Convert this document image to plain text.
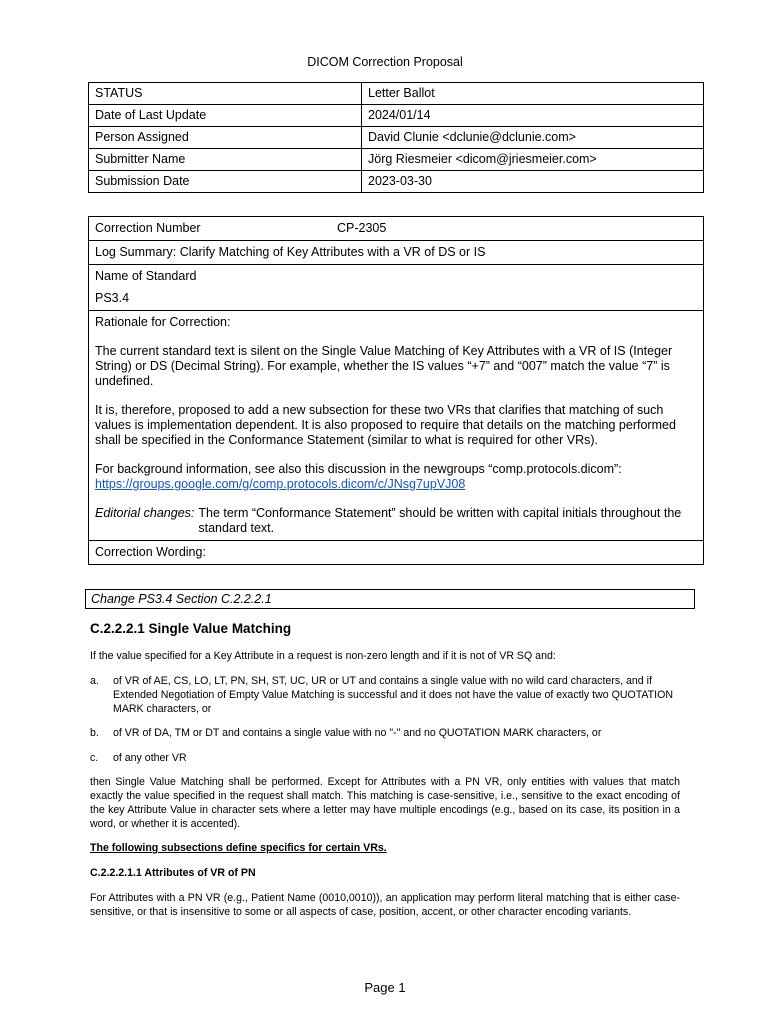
DICOM Correction Proposal
STATUS	Letter Ballot
Date of Last Update	2024/01/14
Person Assigned	David Clunie <dclunie@dclunie.com>
Submitter Name	Jörg Riesmeier <dicom@jriesmeier.com>
Submission Date	2023-03-30
Correction Number	CP-2305
Log Summary: Clarify Matching of Key Attributes with a VR of DS or IS

Name of Standard
PS3.4

Rationale for Correction:

The current standard text is silent on the Single Value Matching of Key Attributes with a VR of IS (Integer String) or DS (Decimal String). For example, whether the IS values “+7” and “007” match the value “7” is undefined.

It is, therefore, proposed to add a new subsection for these two VRs that clarifies that matching of such values is implementation dependent. It is also proposed to require that details on the matching performed shall be specified in the Conformance Statement (similar to what is required for other VRs).

For background information, see also this discussion in the newgroups “comp.protocols.dicom”:
https://groups.google.com/g/comp.protocols.dicom/c/JNsg7upVJ08

Editorial changes: The term “Conformance Statement” should be written with capital initials throughout the standard text.

Correction Wording:
Change PS3.4 Section C.2.2.2.1
C.2.2.2.1 Single Value Matching
If the value specified for a Key Attribute in a request is non-zero length and if it is not of VR SQ and:
a.	of VR of AE, CS, LO, LT, PN, SH, ST, UC, UR or UT and contains a single value with no wild card characters, and if Extended Negotiation of Empty Value Matching is successful and it does not have the value of exactly two QUOTATION MARK characters, or
b.	of VR of DA, TM or DT and contains a single value with no "-" and no QUOTATION MARK characters, or
c.	of any other VR
then Single Value Matching shall be performed. Except for Attributes with a PN VR, only entities with values that match exactly the value specified in the request shall match. This matching is case-sensitive, i.e., sensitive to the exact encoding of the key Attribute Value in character sets where a letter may have multiple encodings (e.g., based on its case, its position in a word, or whether it is accented).
The following subsections define specifics for certain VRs.
C.2.2.2.1.1 Attributes of VR of PN
For Attributes with a PN VR (e.g., Patient Name (0010,0010)), an application may perform literal matching that is either case-sensitive, or that is insensitive to some or all aspects of case, position, accent, or other character encoding variants.
Page 1
